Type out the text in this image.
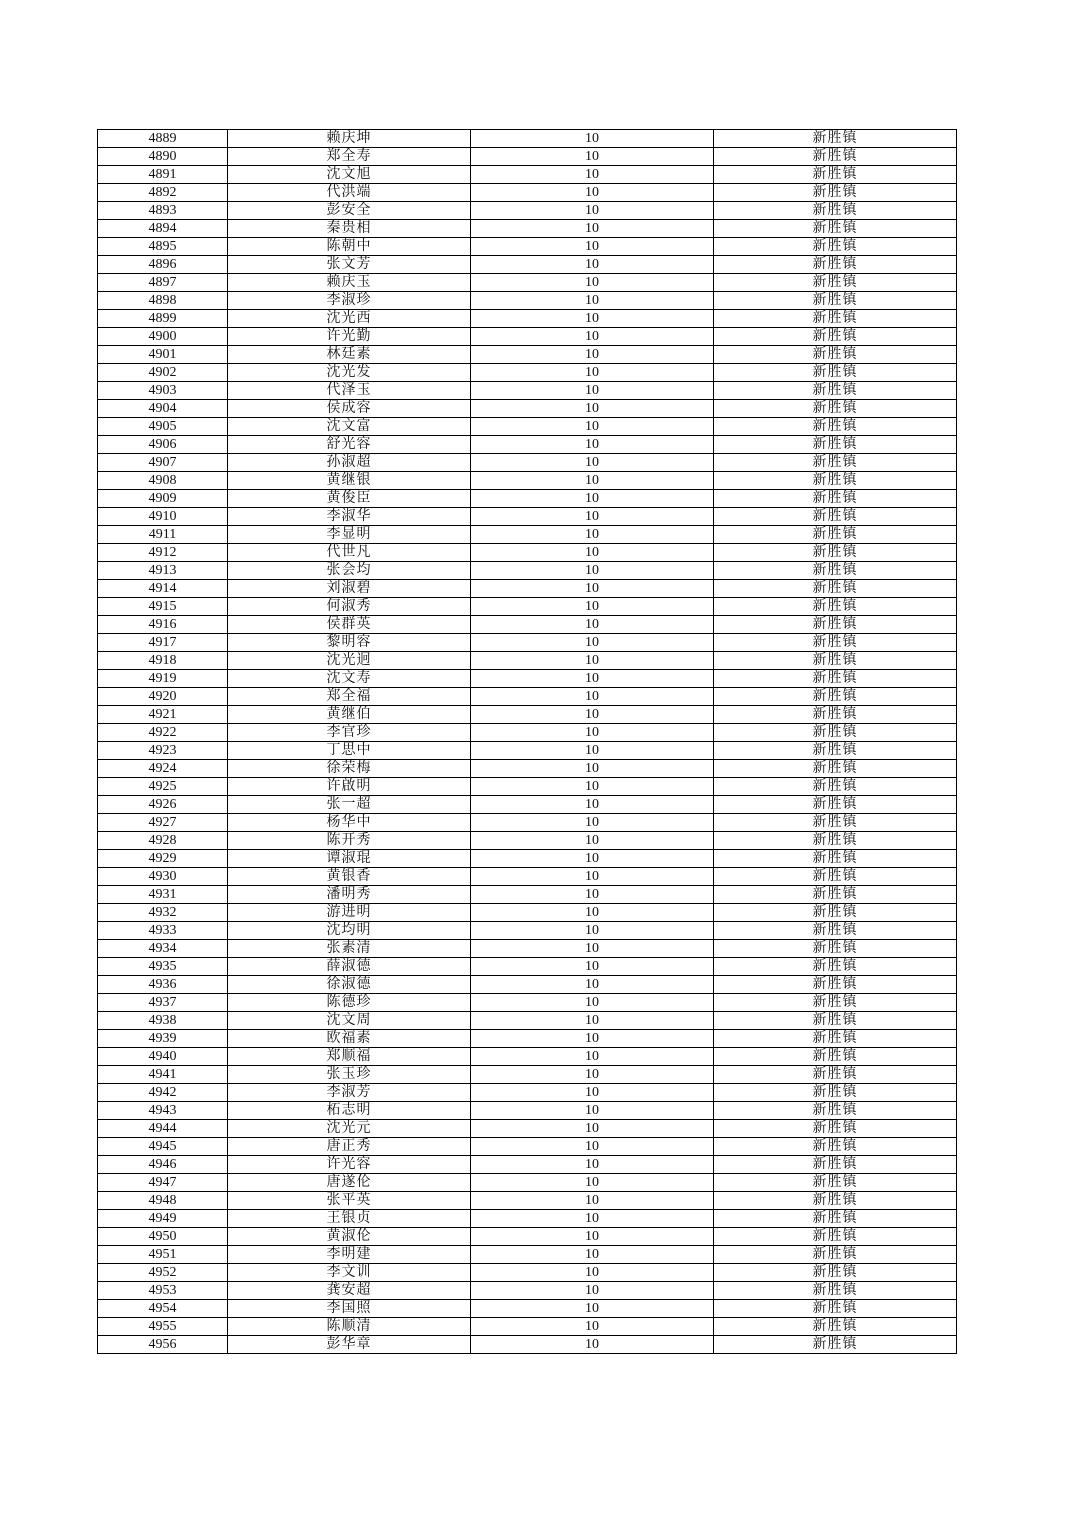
4889	赖庆坤	10	新胜镇
4890	郑全寿	10	新胜镇
4891	沈文旭	10	新胜镇
4892	代洪端	10	新胜镇
4893	彭安全	10	新胜镇
4894	秦贵相	10	新胜镇
4895	陈朝中	10	新胜镇
4896	张文芳	10	新胜镇
4897	赖庆玉	10	新胜镇
4898	李淑珍	10	新胜镇
4899	沈光西	10	新胜镇
4900	许光勤	10	新胜镇
4901	林廷素	10	新胜镇
4902	沈光发	10	新胜镇
4903	代泽玉	10	新胜镇
4904	侯成容	10	新胜镇
4905	沈文富	10	新胜镇
4906	舒光容	10	新胜镇
4907	孙淑超	10	新胜镇
4908	黄继银	10	新胜镇
4909	黄俊臣	10	新胜镇
4910	李淑华	10	新胜镇
4911	李显明	10	新胜镇
4912	代世凡	10	新胜镇
4913	张会均	10	新胜镇
4914	刘淑碧	10	新胜镇
4915	何淑秀	10	新胜镇
4916	侯群英	10	新胜镇
4917	黎明容	10	新胜镇
4918	沈光迥	10	新胜镇
4919	沈文寿	10	新胜镇
4920	郑全福	10	新胜镇
4921	黄继伯	10	新胜镇
4922	李官珍	10	新胜镇
4923	丁思中	10	新胜镇
4924	徐荣梅	10	新胜镇
4925	许啟明	10	新胜镇
4926	张一超	10	新胜镇
4927	杨华中	10	新胜镇
4928	陈开秀	10	新胜镇
4929	谭淑琨	10	新胜镇
4930	黄银香	10	新胜镇
4931	潘明秀	10	新胜镇
4932	游进明	10	新胜镇
4933	沈均明	10	新胜镇
4934	张素清	10	新胜镇
4935	薛淑德	10	新胜镇
4936	徐淑德	10	新胜镇
4937	陈德珍	10	新胜镇
4938	沈文周	10	新胜镇
4939	欧福素	10	新胜镇
4940	郑顺福	10	新胜镇
4941	张玉珍	10	新胜镇
4942	李淑芳	10	新胜镇
4943	柘志明	10	新胜镇
4944	沈光元	10	新胜镇
4945	唐正秀	10	新胜镇
4946	许光容	10	新胜镇
4947	唐遂伦	10	新胜镇
4948	张平英	10	新胜镇
4949	王银贞	10	新胜镇
4950	黄淑伦	10	新胜镇
4951	李明建	10	新胜镇
4952	李文训	10	新胜镇
4953	龚安超	10	新胜镇
4954	李国照	10	新胜镇
4955	陈顺清	10	新胜镇
4956	彭华章	10	新胜镇
